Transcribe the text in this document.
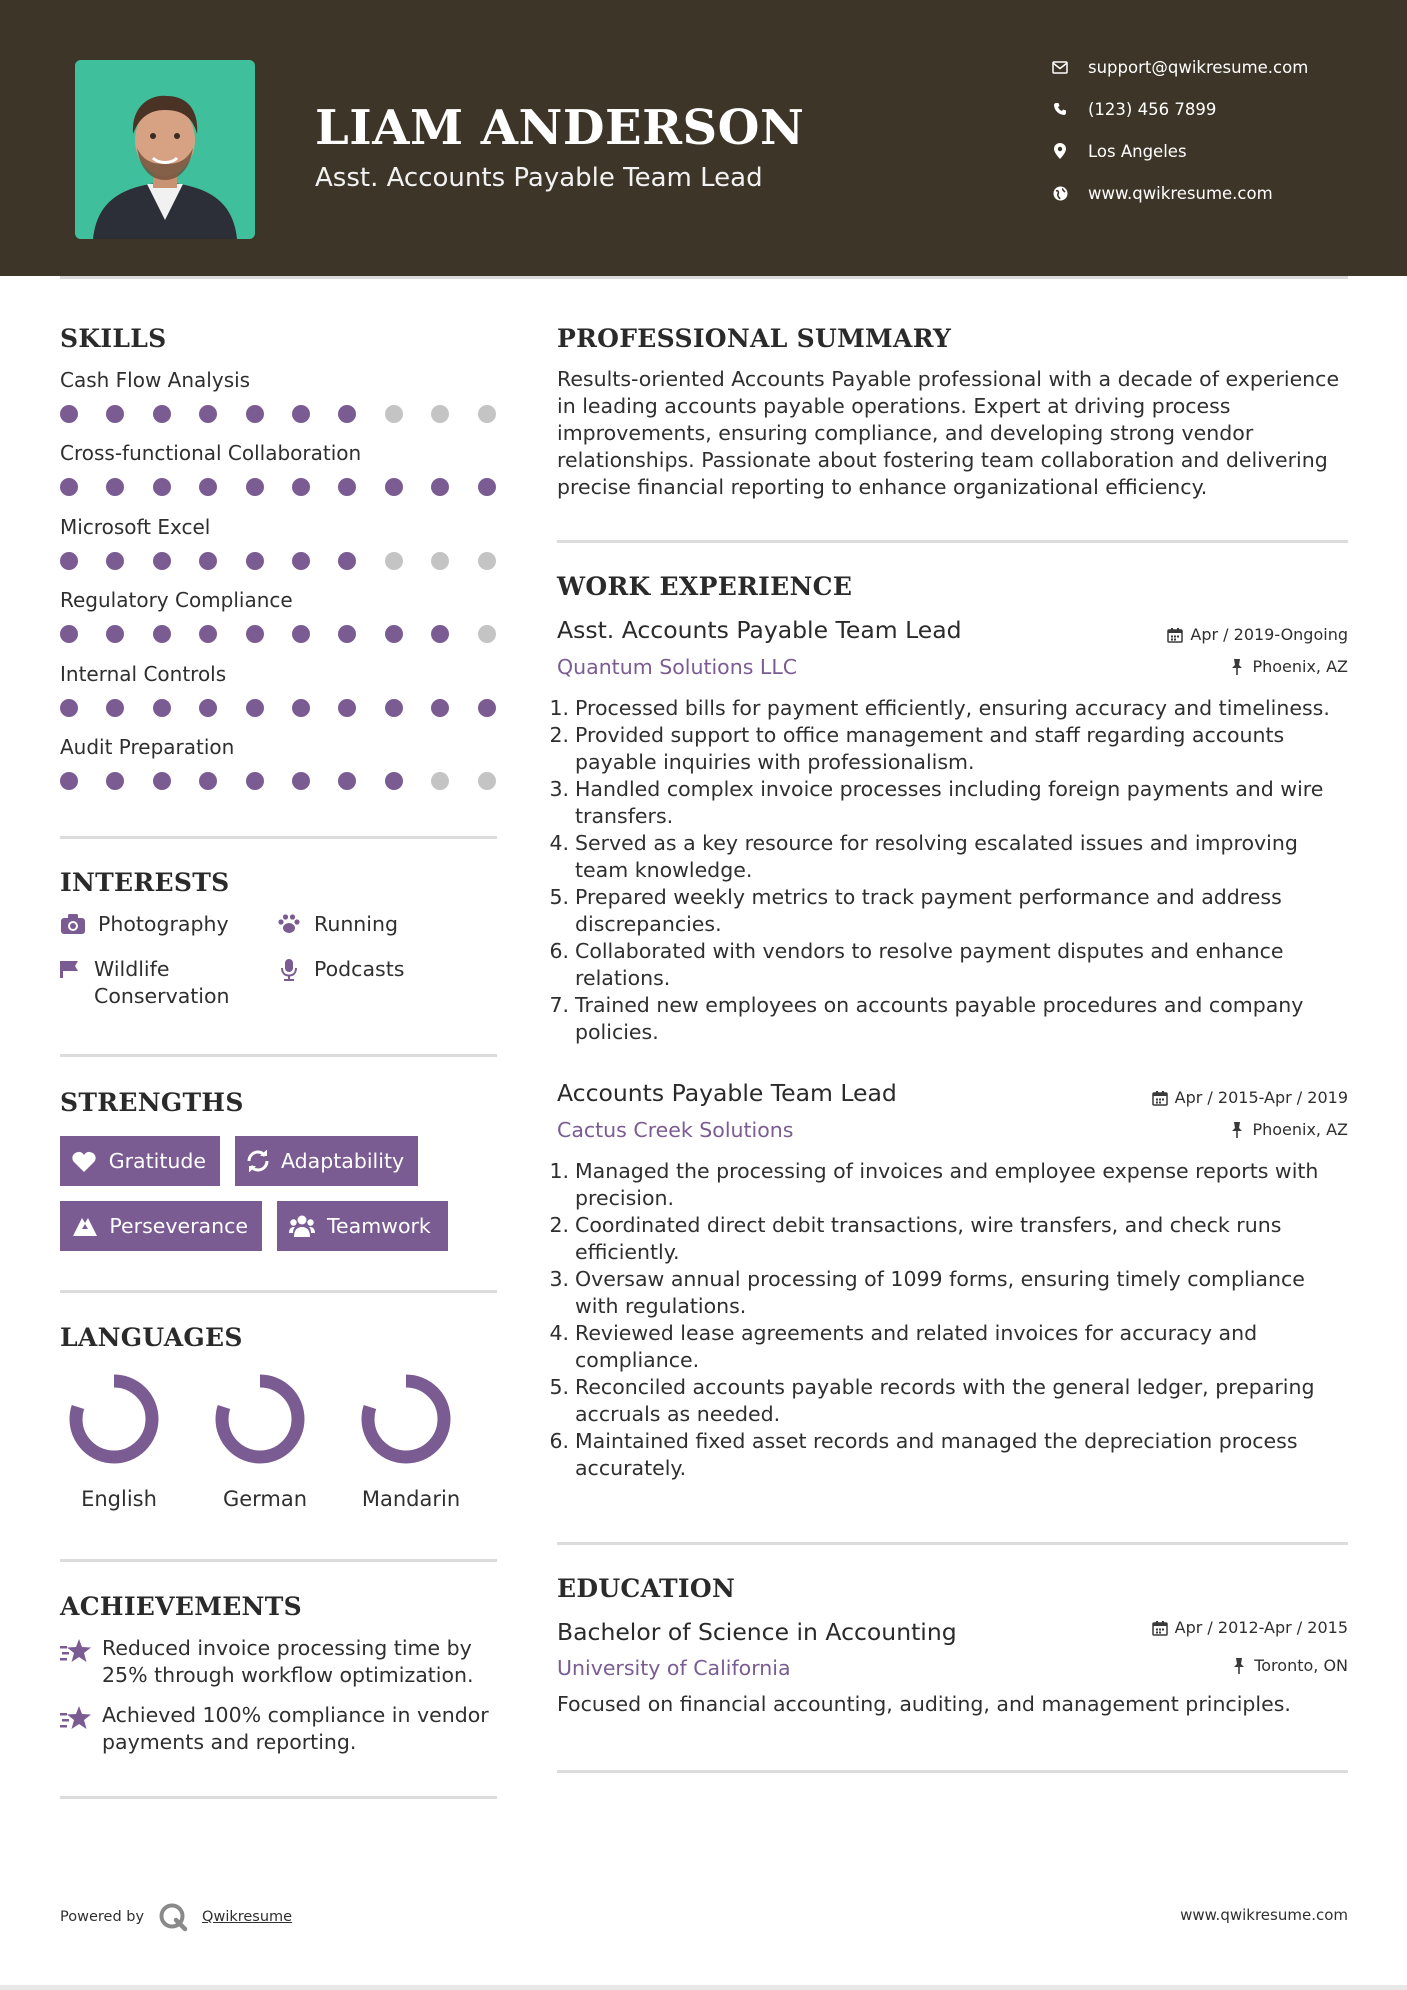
LIAM ANDERSON
Asst. Accounts Payable Team Lead
support@qwikresume.com
(123) 456 7899
Los Angeles
www.qwikresume.com
SKILLS
Cash Flow Analysis
Cross-functional Collaboration
Microsoft Excel
Regulatory Compliance
Internal Controls
Audit Preparation
INTERESTS
Photography	Running
Wildlife Conservation
Podcasts
STRENGTHS
Gratitude	Adaptability
Perseverance	Teamwork
LANGUAGES
English	German	Mandarin
ACHIEVEMENTS
Reduced invoice processing time by 25% through workflow optimization.
Achieved 100% compliance in vendor payments and reporting.
PROFESSIONAL SUMMARY
Results-oriented Accounts Payable professional with a decade of experience in leading accounts payable operations. Expert at driving process improvements, ensuring compliance, and developing strong vendor relationships. Passionate about fostering team collaboration and delivering precise financial reporting to enhance organizational efficiency.
WORK EXPERIENCE
Asst. Accounts Payable Team Lead	Apr / 2019-Ongoing
Quantum Solutions LLC	Phoenix, AZ
1. Processed bills for payment efficiently, ensuring accuracy and timeliness.
2. Provided support to office management and staff regarding accounts payable inquiries with professionalism.
3. Handled complex invoice processes including foreign payments and wire transfers.
4. Served as a key resource for resolving escalated issues and improving team knowledge.
5. Prepared weekly metrics to track payment performance and address discrepancies.
6. Collaborated with vendors to resolve payment disputes and enhance relations.
7. Trained new employees on accounts payable procedures and company policies.
Accounts Payable Team Lead	Apr / 2015-Apr / 2019
Cactus Creek Solutions	Phoenix, AZ
1. Managed the processing of invoices and employee expense reports with precision.
2. Coordinated direct debit transactions, wire transfers, and check runs efficiently.
3. Oversaw annual processing of 1099 forms, ensuring timely compliance with regulations.
4. Reviewed lease agreements and related invoices for accuracy and compliance.
5. Reconciled accounts payable records with the general ledger, preparing accruals as needed.
6. Maintained fixed asset records and managed the depreciation process accurately.
EDUCATION
Bachelor of Science in Accounting	Apr / 2012-Apr / 2015
University of California	Toronto, ON
Focused on financial accounting, auditing, and management principles.
Powered by	Qwikresume	www.qwikresume.com
